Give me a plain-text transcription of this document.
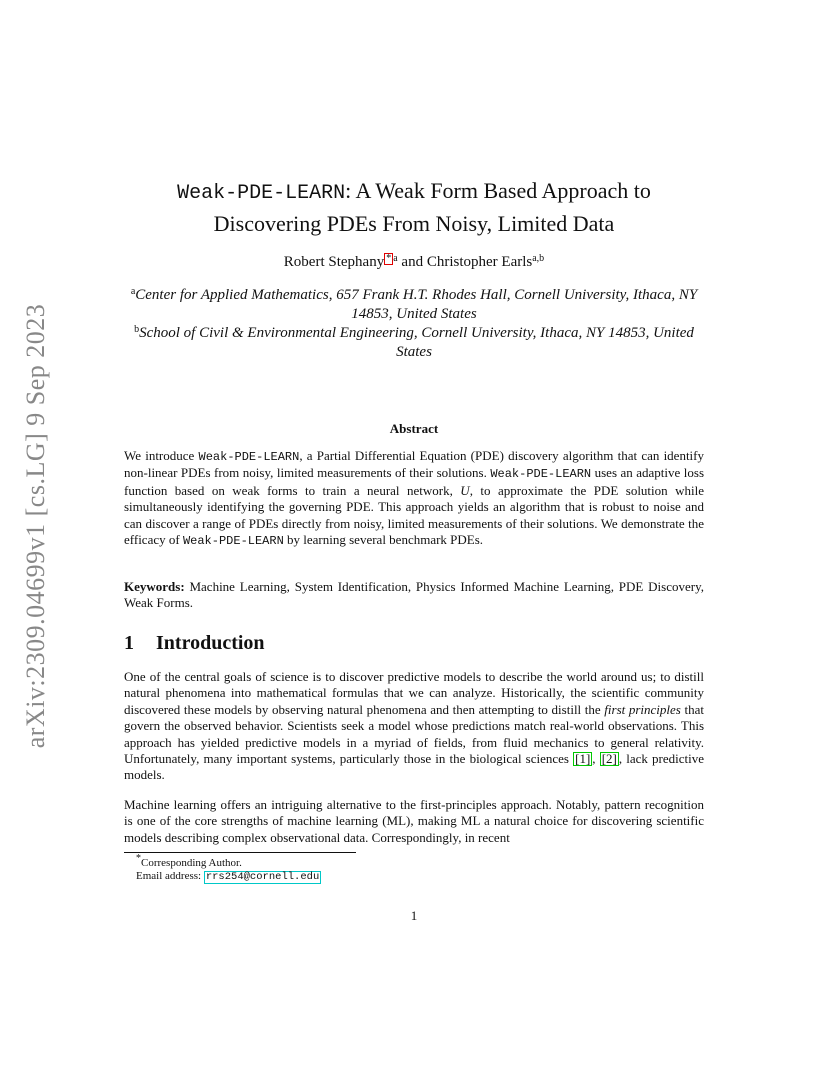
arXiv:2309.04699v1 [cs.LG] 9 Sep 2023
Weak-PDE-LEARN: A Weak Form Based Approach to
Discovering PDEs From Noisy, Limited Data
Robert Stephany $^{* a}$ and Christopher Earls$^{a,b}$
$^a$Center for Applied Mathematics, 657 Frank H.T. Rhodes Hall, Cornell University, Ithaca, NY 14853, United States
$^b$School of Civil & Environmental Engineering, Cornell University, Ithaca, NY 14853, United States
Abstract
We introduce Weak-PDE-LEARN, a Partial Differential Equation (PDE) discovery algorithm that can identify non-linear PDEs from noisy, limited measurements of their solutions. Weak-PDE-LEARN uses an adaptive loss function based on weak forms to train a neural network, U, to approximate the PDE solution while simultaneously identifying the governing PDE. This approach yields an algorithm that is robust to noise and can discover a range of PDEs directly from noisy, limited measurements of their solutions. We demonstrate the efficacy of Weak-PDE-LEARN by learning several benchmark PDEs.
Keywords: Machine Learning, System Identification, Physics Informed Machine Learning, PDE Discovery, Weak Forms.
1 Introduction
One of the central goals of science is to discover predictive models to describe the world around us; to distill natural phenomena into mathematical formulas that we can analyze. Historically, the scientific community discovered these models by observing natural phenomena and then attempting to distill the first principles that govern the observed behavior. Scientists seek a model whose predictions match real-world observations. This approach has yielded predictive models in a myriad of fields, from fluid mechanics to general relativity. Unfortunately, many important systems, particularly those in the biological sciences [1] , [2] , lack predictive models.
Machine learning offers an intriguing alternative to the first-principles approach. Notably, pattern recognition is one of the core strengths of machine learning (ML), making ML a natural choice for discovering scientific models describing complex observational data. Correspondingly, in recent
*Corresponding Author.
Email address: rrs254@cornell.edu
1
